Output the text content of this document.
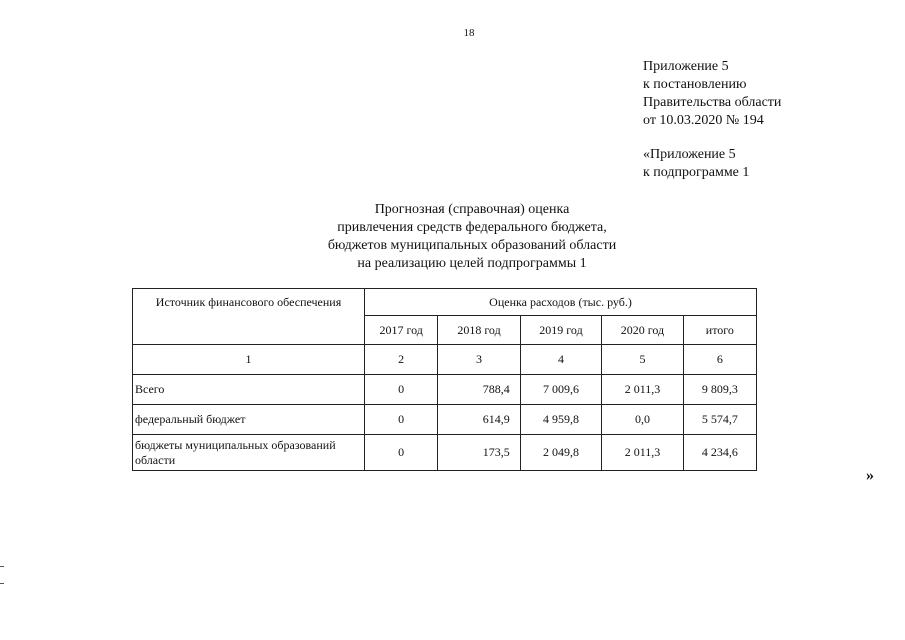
18
Приложение 5
к постановлению
Правительства области
от 10.03.2020 № 194
«Приложение 5
к подпрограмме 1
Прогнозная (справочная) оценка
привлечения средств федерального бюджета,
бюджетов муниципальных образований области
на реализацию целей подпрограммы 1
Источник финансового обеспечения	Оценка расходов (тыс. руб.)				
	2017 год	2018 год	2019 год	2020 год	итого
1	2	3	4	5	6
Всего	0	788,4	7 009,6	2 011,3	9 809,3
федеральный бюджет	0	614,9	4 959,8	0,0	5 574,7
бюджеты муниципальных образований области	0	173,5	2 049,8	2 011,3	4 234,6
»
